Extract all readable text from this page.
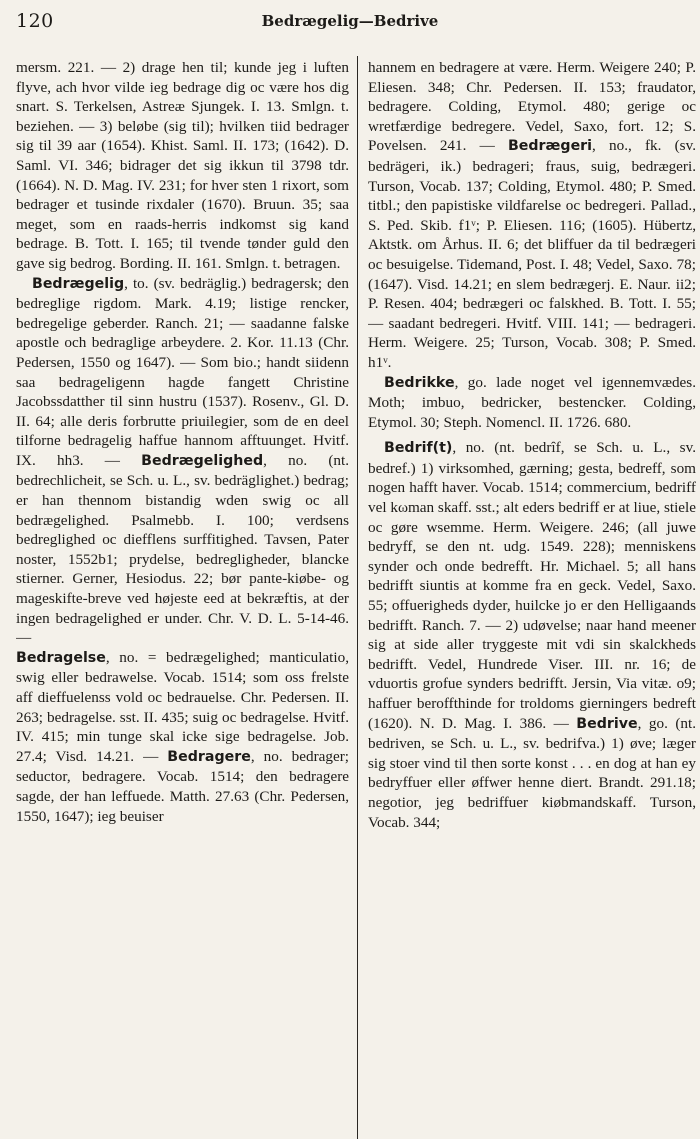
120	Bedrægelig—Bedrive

mersm. 221. — 2) drage hen til; kunde jeg i luften flyve, ach hvor vilde ieg bedrage dig oc være hos dig snart. S. Terkelsen, Astreæ Sjungek. I. 13. Smlgn. t. beziehen. — 3) beløbe (sig til); hvilken tiid bedrager sig til 39 aar (1654). Khist. Saml. II. 173; (1642). D. Saml. VI. 346; bidrager det sig ikkun til 3798 tdr. (1664). N. D. Mag. IV. 231; for hver sten 1 rixort, som bedrager et tusinde rixdaler (1670). Bruun. 35; saa meget, som en raads-herris indkomst sig kand bedrage. B. Tott. I. 165; til tvende tønder guld den gave sig bedrog. Bording. II. 161. Smlgn. t. betragen.

Bedrægelig, to. (sv. bedräglig.) bedragersk; den bedreglige rigdom. Mark. 4.19; listige rencker, bedregelige geberder. Ranch. 21; — saadanne falske apostle och bedraglige arbeydere. 2. Kor. 11.13 (Chr. Pedersen, 1550 og 1647). — Som bio.; handt siidenn saa bedrageligenn hagde fangett Christine Jacobssdatther til sinn hustru (1537). Rosenv., Gl. D. II. 64; alle deris forbrutte priuilegier, som de en deel tilforne bedragelig haffue hannom afftuunget. Hvitf. IX. hh3. — Bedrægelighed, no. (nt. bedrechlicheit, se Sch. u. L., sv. bedräglighet.) bedrag; er han thennom bistandig wden swig oc all bedrægelighed. Psalmebb. I. 100; verdsens bedreglighed oc diefflens surffitighed. Tavsen, Pater noster, 1552b1; prydelse, bedregligheder, blancke stierner. Gerner, Hesiodus. 22; bør pante-kiøbe- og mageskifte-breve ved højeste eed at bekræftis, at der ingen bedragelighed er under. Chr. V. D. L. 5-14-46. —

Bedragelse, no. = bedrægelighed; manticulatio, swig eller bedrawelse. Vocab. 1514; som oss frelste aff dieffuelenss vold oc bedrauelse. Chr. Pedersen. II. 263; bedragelse. sst. II. 435; suig oc bedragelse. Hvitf. IV. 415; min tunge skal icke sige bedragelse. Job. 27.4; Visd. 14.21. — Bedragere, no. bedrager; seductor, bedragere. Vocab. 1514; den bedragere sagde, der han leffuede. Matth. 27.63 (Chr. Pedersen, 1550, 1647); ieg beuiser

hannem en bedragere at være. Herm. Weigere 240; P. Eliesen. 348; Chr. Pedersen. II. 153; fraudator, bedragere. Colding, Etymol. 480; gerige oc wretfærdige bedregere. Vedel, Saxo, fort. 12; S. Povelsen. 241. — Bedrægeri, no., fk. (sv. bedrägeri, ik.) bedrageri; fraus, suig, bedrægeri. Turson, Vocab. 137; Colding, Etymol. 480; P. Smed. titbl.; den papistiske vildfarelse oc bedregeri. Pallad., S. Ped. Skib. f1ᵛ; P. Eliesen. 116; (1605). Hübertz, Aktstk. om Århus. II. 6; det bliffuer da til bedrægeri oc besuigelse. Tidemand, Post. I. 48; Vedel, Saxo. 78; (1647). Visd. 14.21; en slem bedrægerj. E. Naur. ii2; P. Resen. 404; bedrægeri oc falskhed. B. Tott. I. 55; — saadant bedregeri. Hvitf. VIII. 141; — bedrageri. Herm. Weigere. 25; Turson, Vocab. 308; P. Smed. h1ᵛ.

Bedrikke, go. lade noget vel igennemvædes. Moth; imbuo, bedricker, bestencker. Colding, Etymol. 30; Steph. Nomencl. II. 1726. 680.

Bedrif(t), no. (nt. bedrîf, se Sch. u. L., sv. bedref.) 1) virksomhed, gærning; gesta, bedreff, som nogen hafft haver. Vocab. 1514; commercium, bedriff vel kωman skaff. sst.; alt eders bedriff er at liue, stiele oc gøre wsemme. Herm. Weigere. 246; (all juwe bedryff, se den nt. udg. 1549. 228); menniskens synder och onde bedrefft. Hr. Michael. 5; all hans bedrifft siuntis at komme fra en geck. Vedel, Saxo. 55; offuerigheds dyder, huilcke jo er den Helligaands bedrifft. Ranch. 7. — 2) udøvelse; naar hand meener sig at side aller tryggeste mit vdi sin skalckheds bedrifft. Vedel, Hundrede Viser. III. nr. 16; de vduortis grofue synders bedrifft. Jersin, Via vitæ. o9; haffuer beroffthinde for troldoms gierningers bedreft (1620). N. D. Mag. I. 386. — Bedrive, go. (nt. bedriven, se Sch. u. L., sv. bedrifva.) 1) øve; læger sig stoer vind til then sorte konst . . . en dog at han ey bedryffuer eller øffwer henne diert. Brandt. 291.18; negotior, jeg bedriffuer kiøbmandskaff. Turson, Vocab. 344;
